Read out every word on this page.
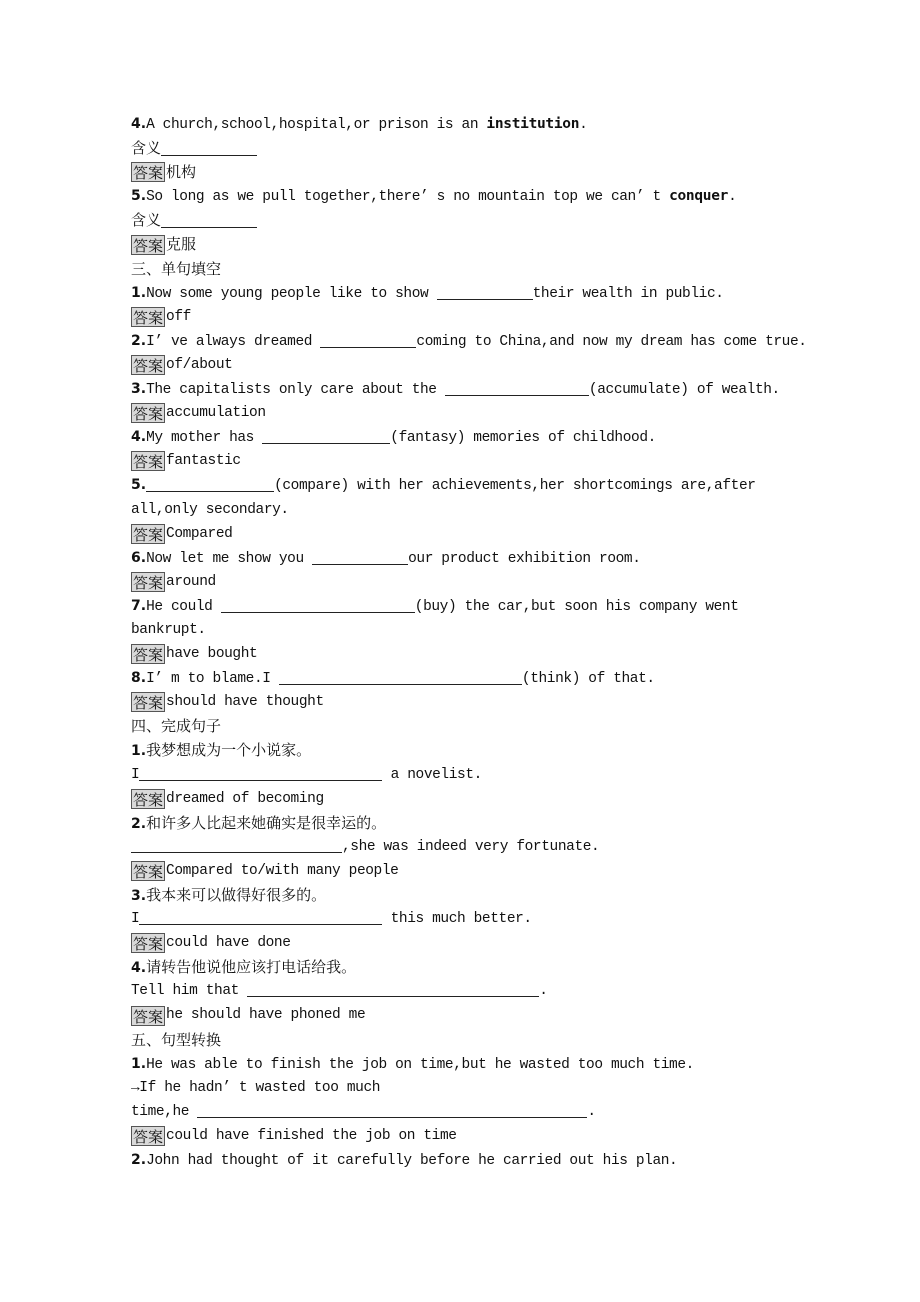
4.A church,school,hospital,or prison is an institution.
含义
答案 机构
5.So long as we pull together,there’ s no mountain top we can’ t conquer.
含义
答案 克服
三、单句填空
1.Now some young people like to show	their wealth in public.
答案 off
2.I’ ve always dreamed	coming to China,and now my dream has come true.
答案 of/about
3.The capitalists only care about the	(accumulate) of wealth.
答案 accumulation
4.My mother has	(fantasy) memories of childhood.
答案 fantastic
5.	(compare) with her achievements,her shortcomings are,after
all,only secondary.
答案 Compared
6.Now let me show you	our product exhibition room.
答案 around
7.He could	(buy) the car,but soon his company went
bankrupt.
答案 have bought
8.I’ m to blame.I	(think) of that.
答案 should have thought
四、完成句子
1.我梦想成为一个小说家。
I	a novelist.
答案 dreamed of becoming
2.和许多人比起来她确实是很幸运的。
,she was indeed very fortunate.
答案 Compared to/with many people
3.我本来可以做得好很多的。
I	this much better.
答案 could have done
4.请转告他说他应该打电话给我。
Tell him that	.
答案 he should have phoned me
五、句型转换
1.He was able to finish the job on time,but he wasted too much time.
→If he hadn’ t wasted too much
time,he	.
答案 could have finished the job on time
2.John had thought of it carefully before he carried out his plan.
